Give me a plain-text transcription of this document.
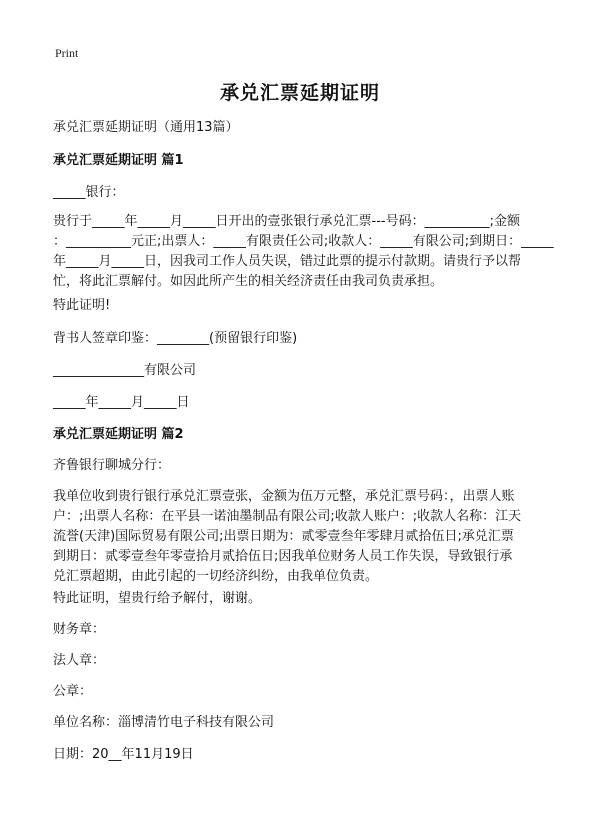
Print
承兑汇票延期证明
承兑汇票延期证明（通用13篇）
承兑汇票延期证明 篇1
_____银行：
贵行于_____年_____月_____日开出的壹张银行承兑汇票---号码：__________;金额
：__________元正;出票人：_____有限责任公司;收款人：_____有限公司;到期日：_____
年_____月_____日，因我司工作人员失误，错过此票的提示付款期。请贵行予以帮
忙，将此汇票解付。如因此所产生的相关经济责任由我司负责承担。
特此证明!
背书人签章印鉴：________(预留银行印鉴)
______________有限公司
_____年_____月_____日
承兑汇票延期证明 篇2
齐鲁银行聊城分行：
我单位收到贵行银行承兑汇票壹张，金额为伍万元整，承兑汇票号码：，出票人账
户：;出票人名称：在平县一诺油墨制品有限公司;收款人账户：;收款人名称：江天
流誉(天津)国际贸易有限公司;出票日期为：贰零壹叁年零肆月贰拾伍日;承兑汇票
到期日：贰零壹叁年零壹拾月贰拾伍日;因我单位财务人员工作失误，导致银行承
兑汇票超期，由此引起的一切经济纠纷，由我单位负责。
特此证明，望贵行给予解付，谢谢。
财务章：
法人章：
公章：
单位名称：淄博清竹电子科技有限公司
日期：20__年11月19日
